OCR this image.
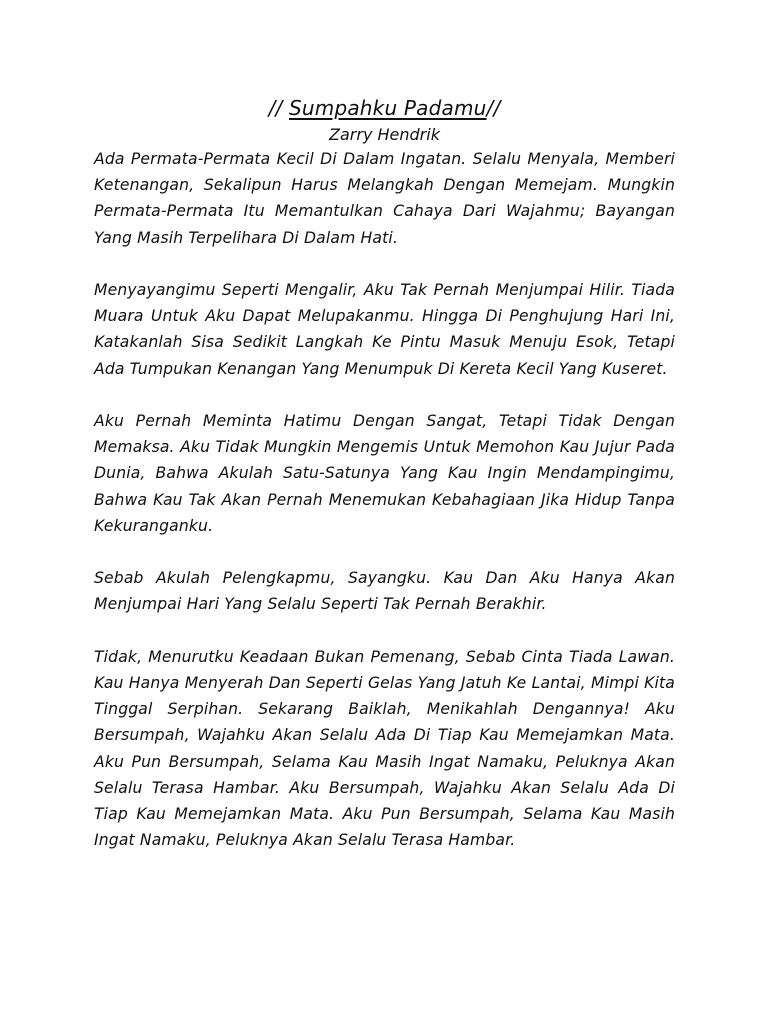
// Sumpahku Padamu//
Zarry Hendrik

Ada Permata-Permata Kecil Di Dalam Ingatan. Selalu Menyala, Memberi Ketenangan, Sekalipun Harus Melangkah Dengan Memejam. Mungkin Permata-Permata Itu Memantulkan Cahaya Dari Wajahmu; Bayangan Yang Masih Terpelihara Di Dalam Hati.

Menyayangimu Seperti Mengalir, Aku Tak Pernah Menjumpai Hilir. Tiada Muara Untuk Aku Dapat Melupakanmu. Hingga Di Penghujung Hari Ini, Katakanlah Sisa Sedikit Langkah Ke Pintu Masuk Menuju Esok, Tetapi Ada Tumpukan Kenangan Yang Menumpuk Di Kereta Kecil Yang Kuseret.

Aku Pernah Meminta Hatimu Dengan Sangat, Tetapi Tidak Dengan Memaksa. Aku Tidak Mungkin Mengemis Untuk Memohon Kau Jujur Pada Dunia, Bahwa Akulah Satu-Satunya Yang Kau Ingin Mendampingimu, Bahwa Kau Tak Akan Pernah Menemukan Kebahagiaan Jika Hidup Tanpa Kekuranganku.

Sebab Akulah Pelengkapmu, Sayangku. Kau Dan Aku Hanya Akan Menjumpai Hari Yang Selalu Seperti Tak Pernah Berakhir.

Tidak, Menurutku Keadaan Bukan Pemenang, Sebab Cinta Tiada Lawan. Kau Hanya Menyerah Dan Seperti Gelas Yang Jatuh Ke Lantai, Mimpi Kita Tinggal Serpihan. Sekarang Baiklah, Menikahlah Dengannya! Aku Bersumpah, Wajahku Akan Selalu Ada Di Tiap Kau Memejamkan Mata. Aku Pun Bersumpah, Selama Kau Masih Ingat Namaku, Peluknya Akan Selalu Terasa Hambar. Aku Bersumpah, Wajahku Akan Selalu Ada Di Tiap Kau Memejamkan Mata. Aku Pun Bersumpah, Selama Kau Masih Ingat Namaku, Peluknya Akan Selalu Terasa Hambar.
